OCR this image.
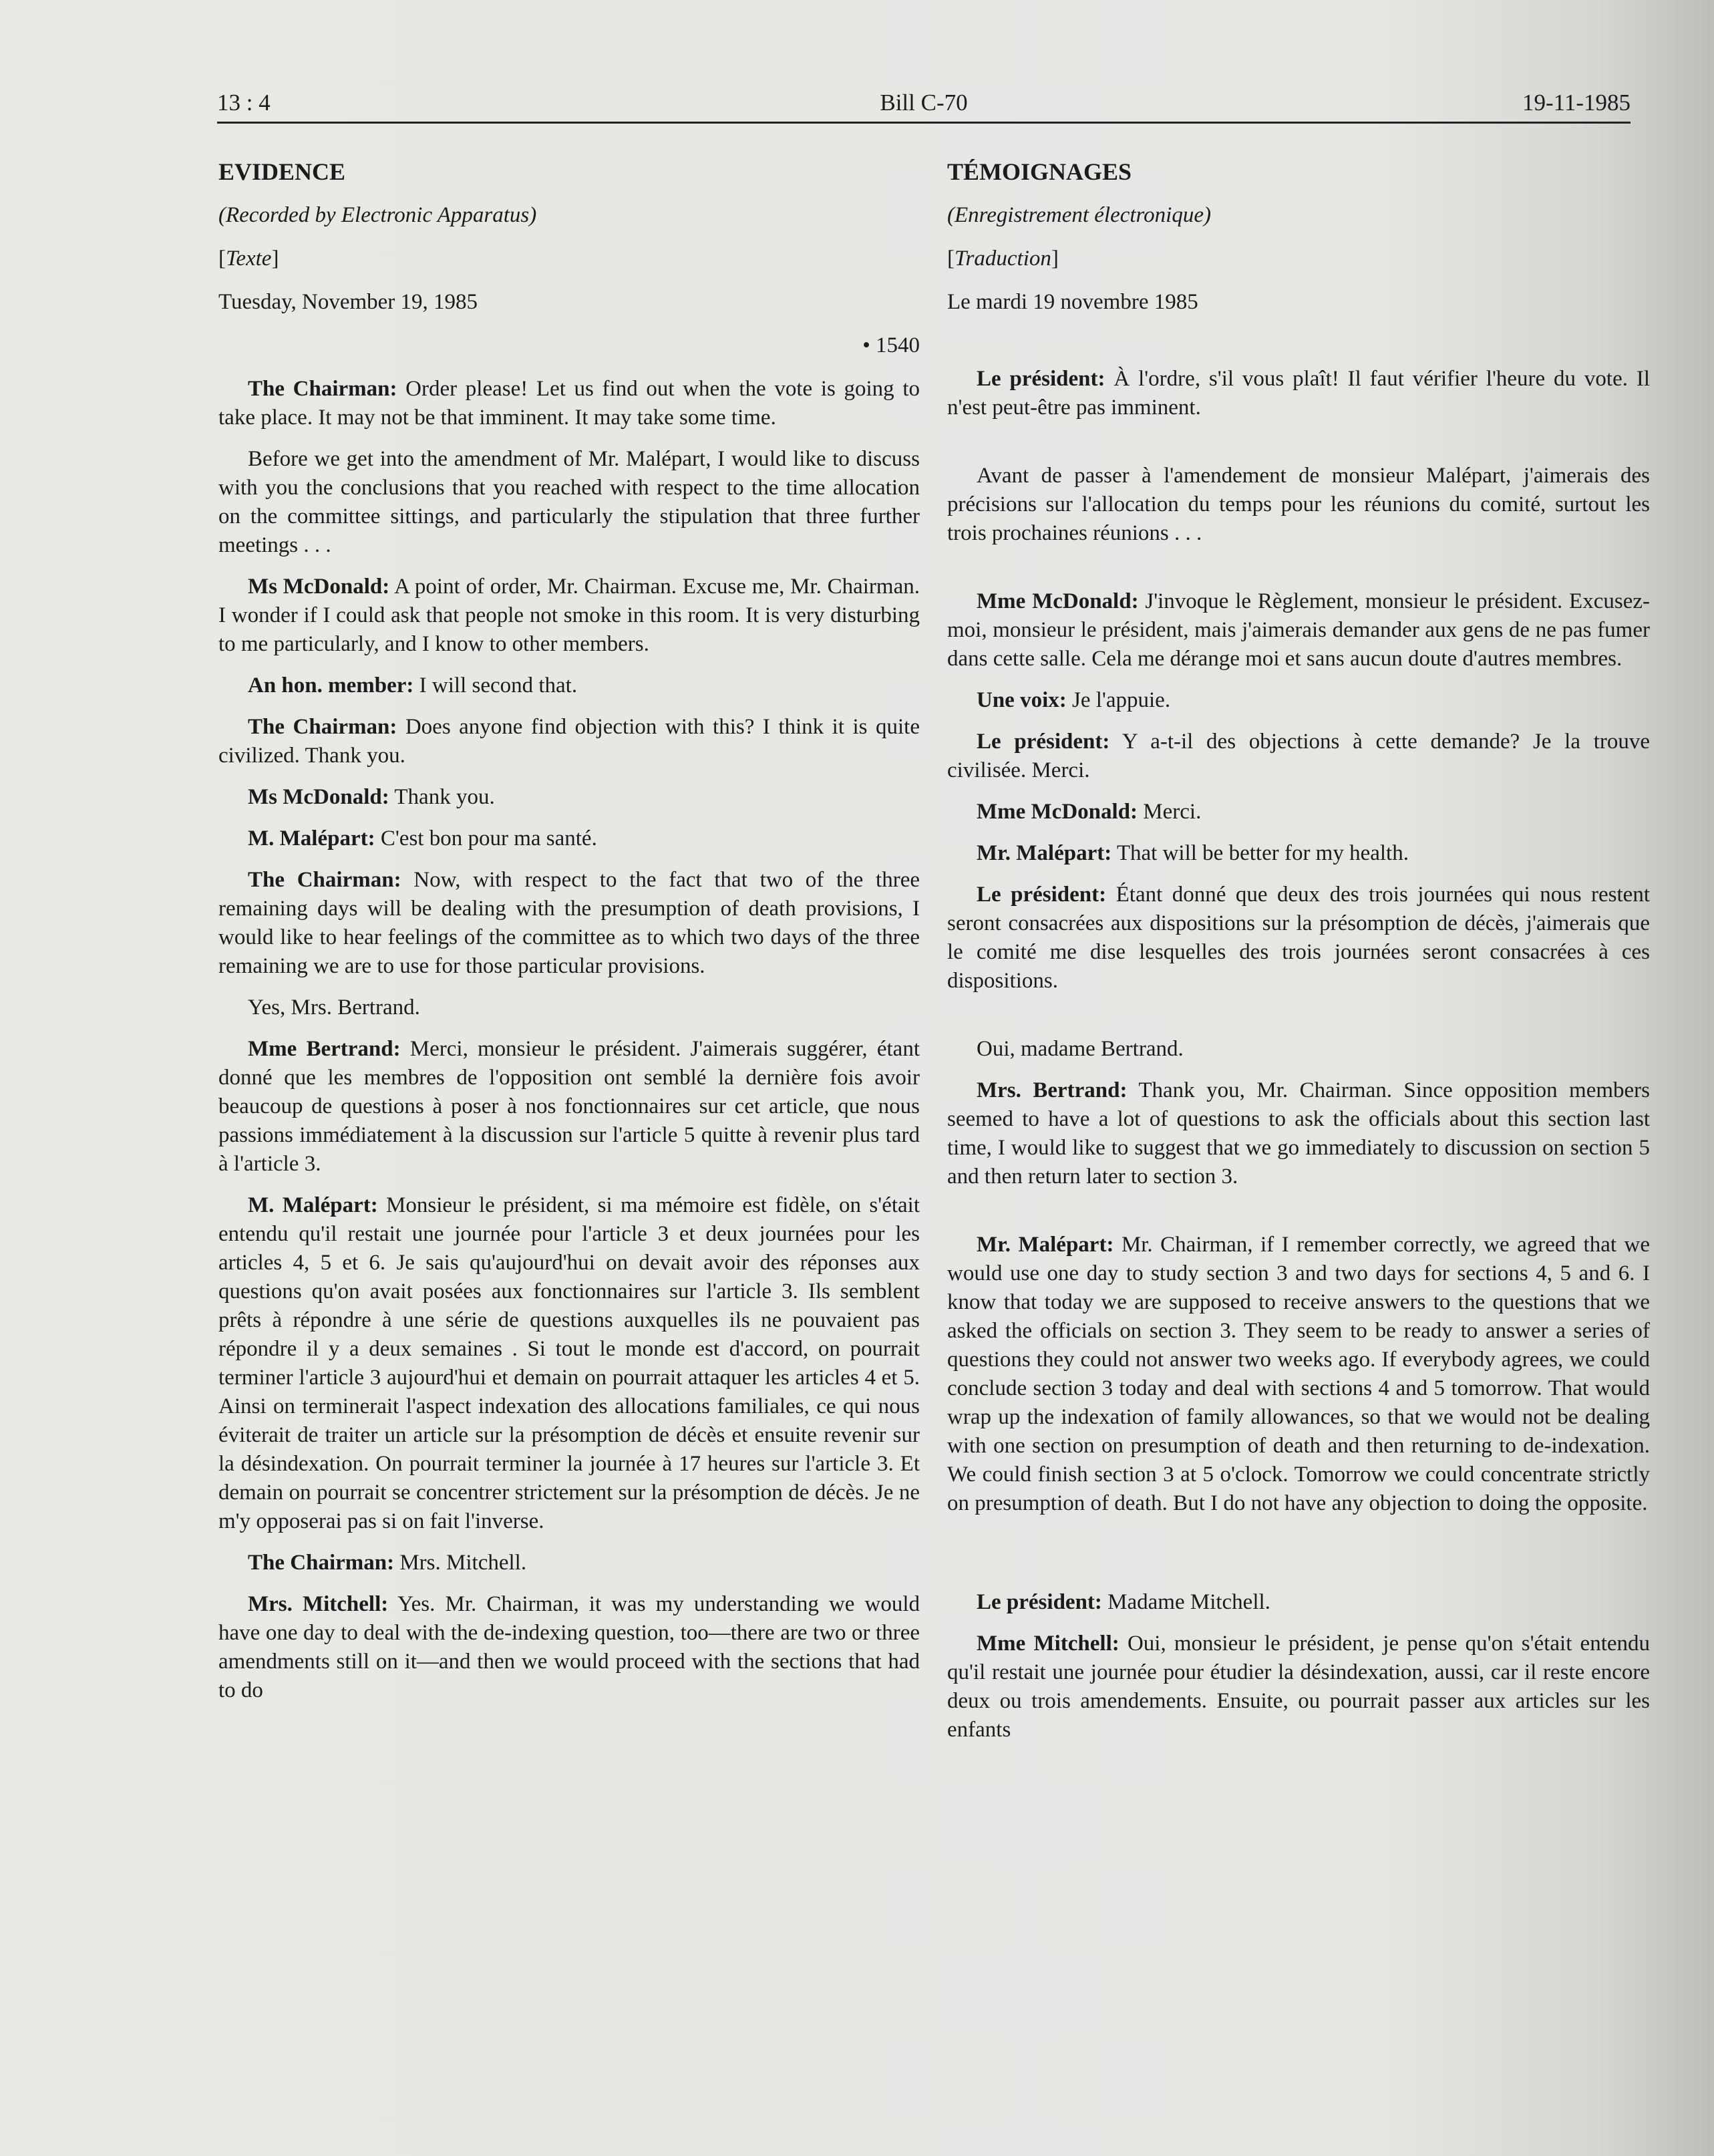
13 : 4	Bill C-70	19-11-1985
EVIDENCE
(Recorded by Electronic Apparatus)
[Texte]
Tuesday, November 19, 1985
• 1540

The Chairman: Order please! Let us find out when the vote is going to take place. It may not be that imminent. It may take some time.

Before we get into the amendment of Mr. Malépart, I would like to discuss with you the conclusions that you reached with respect to the time allocation on the committee sittings, and particularly the stipulation that three further meetings . . .

Ms McDonald: A point of order, Mr. Chairman. Excuse me, Mr. Chairman. I wonder if I could ask that people not smoke in this room. It is very disturbing to me particularly, and I know to other members.

An hon. member: I will second that.

The Chairman: Does anyone find objection with this? I think it is quite civilized. Thank you.

Ms McDonald: Thank you.

M. Malépart: C'est bon pour ma santé.

The Chairman: Now, with respect to the fact that two of the three remaining days will be dealing with the presumption of death provisions, I would like to hear feelings of the committee as to which two days of the three remaining we are to use for those particular provisions.

Yes, Mrs. Bertrand.

Mme Bertrand: Merci, monsieur le président. J'aimerais suggérer, étant donné que les membres de l'opposition ont semblé la dernière fois avoir beaucoup de questions à poser à nos fonctionnaires sur cet article, que nous passions immédiatement à la discussion sur l'article 5 quitte à revenir plus tard à l'article 3.

M. Malépart: Monsieur le président, si ma mémoire est fidèle, on s'était entendu qu'il restait une journée pour l'article 3 et deux journées pour les articles 4, 5 et 6. Je sais qu'aujourd'hui on devait avoir des réponses aux questions qu'on avait posées aux fonctionnaires sur l'article 3. Ils semblent prêts à répondre à une série de questions auxquelles ils ne pouvaient pas répondre il y a deux semaines . Si tout le monde est d'accord, on pourrait terminer l'article 3 aujourd'hui et demain on pourrait attaquer les articles 4 et 5. Ainsi on terminerait l'aspect indexation des allocations familiales, ce qui nous éviterait de traiter un article sur la présomption de décès et ensuite revenir sur la désindexation. On pourrait terminer la journée à 17 heures sur l'article 3. Et demain on pourrait se concentrer strictement sur la présomption de décès. Je ne m'y opposerai pas si on fait l'inverse.

The Chairman: Mrs. Mitchell.

Mrs. Mitchell: Yes. Mr. Chairman, it was my understanding we would have one day to deal with the de-indexing question, too—there are two or three amendments still on it—and then we would proceed with the sections that had to do

TÉMOIGNAGES
(Enregistrement électronique)
[Traduction]
Le mardi 19 novembre 1985

Le président: À l'ordre, s'il vous plaît! Il faut vérifier l'heure du vote. Il n'est peut-être pas imminent.

Avant de passer à l'amendement de monsieur Malépart, j'aimerais des précisions sur l'allocation du temps pour les réunions du comité, surtout les trois prochaines réunions . . .

Mme McDonald: J'invoque le Règlement, monsieur le président. Excusez-moi, monsieur le président, mais j'aimerais demander aux gens de ne pas fumer dans cette salle. Cela me dérange moi et sans aucun doute d'autres membres.

Une voix: Je l'appuie.

Le président: Y a-t-il des objections à cette demande? Je la trouve civilisée. Merci.

Mme McDonald: Merci.

Mr. Malépart: That will be better for my health.

Le président: Étant donné que deux des trois journées qui nous restent seront consacrées aux dispositions sur la présomption de décès, j'aimerais que le comité me dise lesquelles des trois journées seront consacrées à ces dispositions.

Oui, madame Bertrand.

Mrs. Bertrand: Thank you, Mr. Chairman. Since opposition members seemed to have a lot of questions to ask the officials about this section last time, I would like to suggest that we go immediately to discussion on section 5 and then return later to section 3.

Mr. Malépart: Mr. Chairman, if I remember correctly, we agreed that we would use one day to study section 3 and two days for sections 4, 5 and 6. I know that today we are supposed to receive answers to the questions that we asked the officials on section 3. They seem to be ready to answer a series of questions they could not answer two weeks ago. If everybody agrees, we could conclude section 3 today and deal with sections 4 and 5 tomorrow. That would wrap up the indexation of family allowances, so that we would not be dealing with one section on presumption of death and then returning to de-indexation. We could finish section 3 at 5 o'clock. Tomorrow we could concentrate strictly on presumption of death. But I do not have any objection to doing the opposite.

Le président: Madame Mitchell.

Mme Mitchell: Oui, monsieur le président, je pense qu'on s'était entendu qu'il restait une journée pour étudier la désindexation, aussi, car il reste encore deux ou trois amendements. Ensuite, ou pourrait passer aux articles sur les enfants
